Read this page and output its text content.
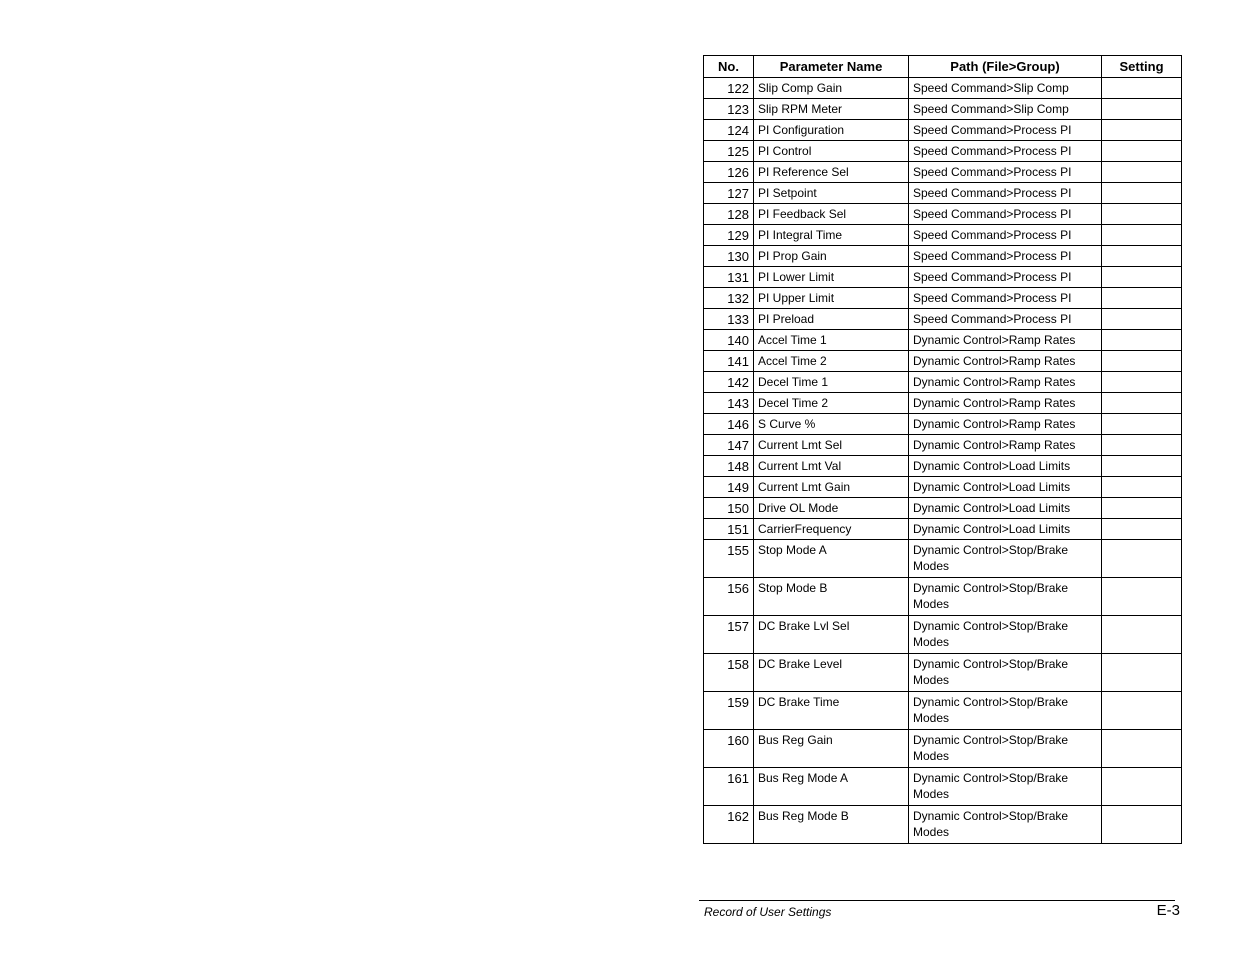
No.	Parameter Name	Path (File>Group)	Setting
122	Slip Comp Gain	Speed Command>Slip Comp	
123	Slip RPM Meter	Speed Command>Slip Comp	
124	PI Configuration	Speed Command>Process PI	
125	PI Control	Speed Command>Process PI	
126	PI Reference Sel	Speed Command>Process PI	
127	PI Setpoint	Speed Command>Process PI	
128	PI Feedback Sel	Speed Command>Process PI	
129	PI Integral Time	Speed Command>Process PI	
130	PI Prop Gain	Speed Command>Process PI	
131	PI Lower Limit	Speed Command>Process PI	
132	PI Upper Limit	Speed Command>Process PI	
133	PI Preload	Speed Command>Process PI	
140	Accel Time 1	Dynamic Control>Ramp Rates	
141	Accel Time 2	Dynamic Control>Ramp Rates	
142	Decel Time 1	Dynamic Control>Ramp Rates	
143	Decel Time 2	Dynamic Control>Ramp Rates	
146	S Curve %	Dynamic Control>Ramp Rates	
147	Current Lmt Sel	Dynamic Control>Ramp Rates	
148	Current Lmt Val	Dynamic Control>Load Limits	
149	Current Lmt Gain	Dynamic Control>Load Limits	
150	Drive OL Mode	Dynamic Control>Load Limits	
151	CarrierFrequency	Dynamic Control>Load Limits	
155	Stop Mode A	Dynamic Control>Stop/Brake
Modes	

156	Stop Mode B	Dynamic Control>Stop/Brake
Modes	

157	DC Brake Lvl Sel	Dynamic Control>Stop/Brake
Modes	

158	DC Brake Level	Dynamic Control>Stop/Brake
Modes	

159	DC Brake Time	Dynamic Control>Stop/Brake
Modes	

160	Bus Reg Gain	Dynamic Control>Stop/Brake
Modes	

161	Bus Reg Mode A	Dynamic Control>Stop/Brake
Modes	

162	Bus Reg Mode B	Dynamic Control>Stop/Brake
Modes	

Record of User Settings	E-3
